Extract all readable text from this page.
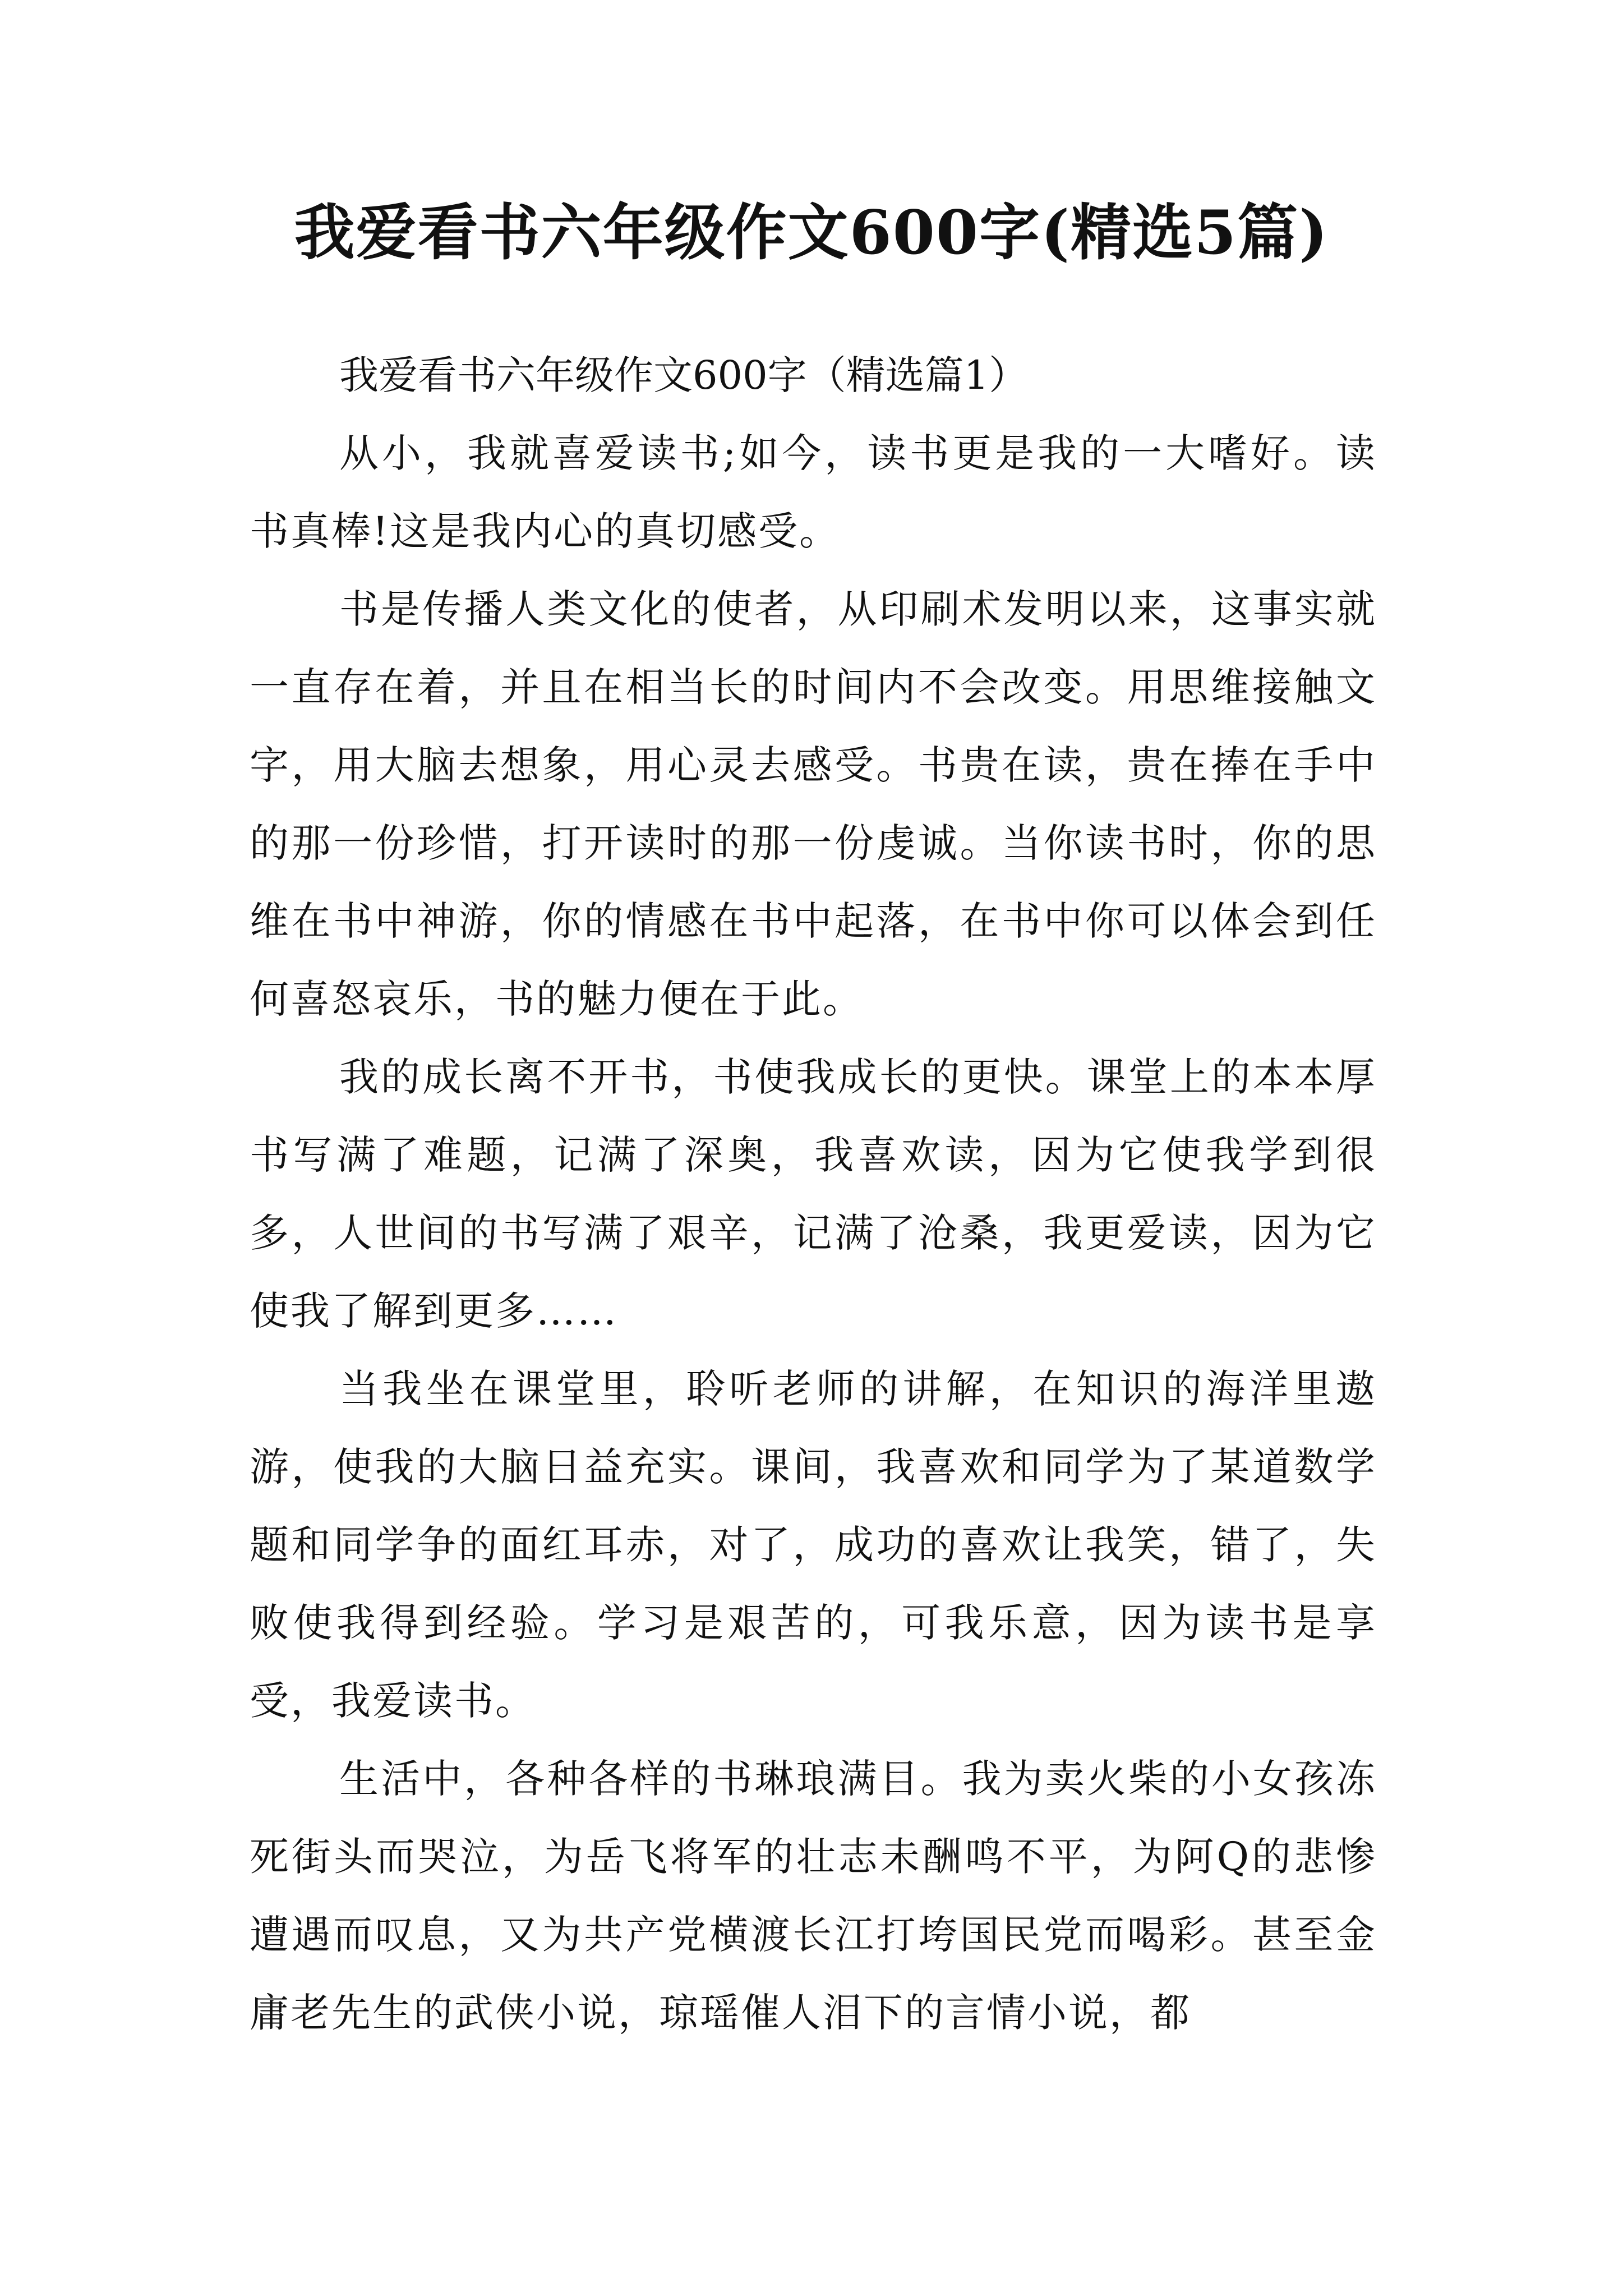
我爱看书六年级作文600字(精选5篇)

我爱看书六年级作文600字（精选篇1）

从小，我就喜爱读书;如今，读书更是我的一大嗜好。读书真棒!这是我内心的真切感受。

书是传播人类文化的使者，从印刷术发明以来，这事实就一直存在着，并且在相当长的时间内不会改变。用思维接触文字，用大脑去想象，用心灵去感受。书贵在读，贵在捧在手中的那一份珍惜，打开读时的那一份虔诚。当你读书时，你的思维在书中神游，你的情感在书中起落，在书中你可以体会到任何喜怒哀乐，书的魅力便在于此。

我的成长离不开书，书使我成长的更快。课堂上的本本厚书写满了难题，记满了深奥，我喜欢读，因为它使我学到很多，人世间的书写满了艰辛，记满了沧桑，我更爱读，因为它使我了解到更多……

当我坐在课堂里，聆听老师的讲解，在知识的海洋里遨游，使我的大脑日益充实。课间，我喜欢和同学为了某道数学题和同学争的面红耳赤，对了，成功的喜欢让我笑，错了，失败使我得到经验。学习是艰苦的，可我乐意，因为读书是享受，我爱读书。

生活中，各种各样的书琳琅满目。我为卖火柴的小女孩冻死街头而哭泣，为岳飞将军的壮志未酬鸣不平，为阿Q的悲惨遭遇而叹息，又为共产党横渡长江打垮国民党而喝彩。甚至金庸老先生的武侠小说，琼瑶催人泪下的言情小说，都
